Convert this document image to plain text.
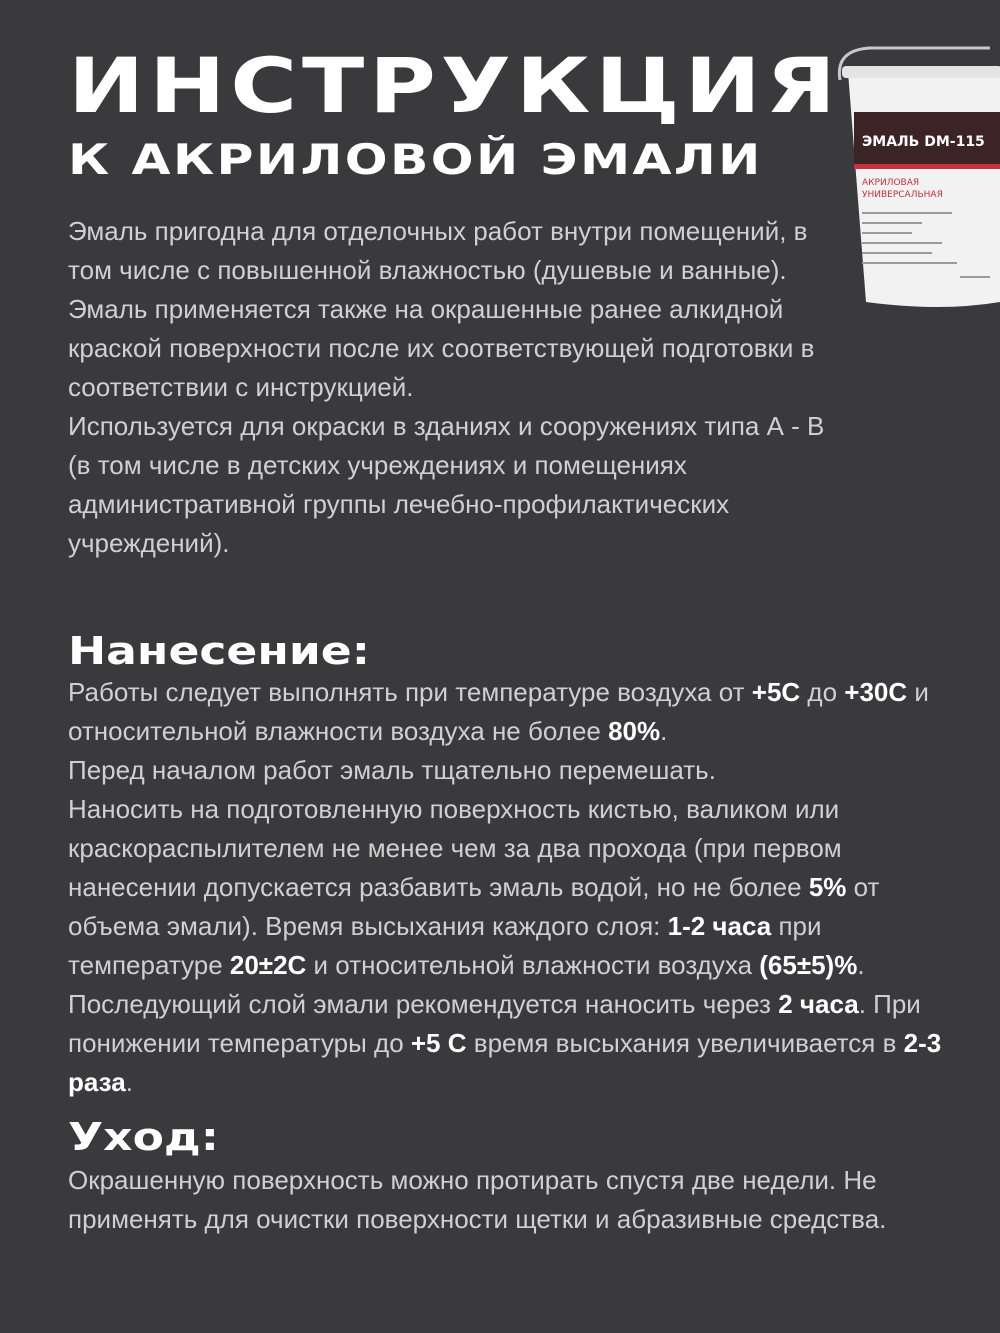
ИНСТРУКЦИЯ
К АКРИЛОВОЙ ЭМАЛИ	ЭМАЛЬ DM-115
АКРИЛОВАЯ
УНИВЕРСАЛЬНАЯ

Эмаль пригодна для отделочных работ внутри помещений, в том числе с повышенной влажностью (душевые и ванные).

Эмаль применяется также на окрашенные ранее алкидной краской поверхности после их соответствующей подготовки в соответствии с инструкцией.

Используется для окраски в зданиях и сооружениях типа А - В (в том числе в детских учреждениях и помещениях административной группы лечебно-профилактических учреждений).

Нанесение:

Работы следует выполнять при температуре воздуха от +5С до +30С и относительной влажности воздуха не более 80%.

Перед началом работ эмаль тщательно перемешать.

Наносить на подготовленную поверхность кистью, валиком или краскораспылителем не менее чем за два прохода (при первом нанесении допускается разбавить эмаль водой, но не более 5% от объема эмали). Время высыхания каждого слоя: 1-2 часа при температуре 20±2С и относительной влажности воздуха (65±5)%. Последующий слой эмали рекомендуется наносить через 2 часа. При понижении температуры до +5 С время высыхания увеличивается в 2-3 раза.

Уход:

Окрашенную поверхность можно протирать спустя две недели. Не применять для очистки поверхности щетки и абразивные средства.
